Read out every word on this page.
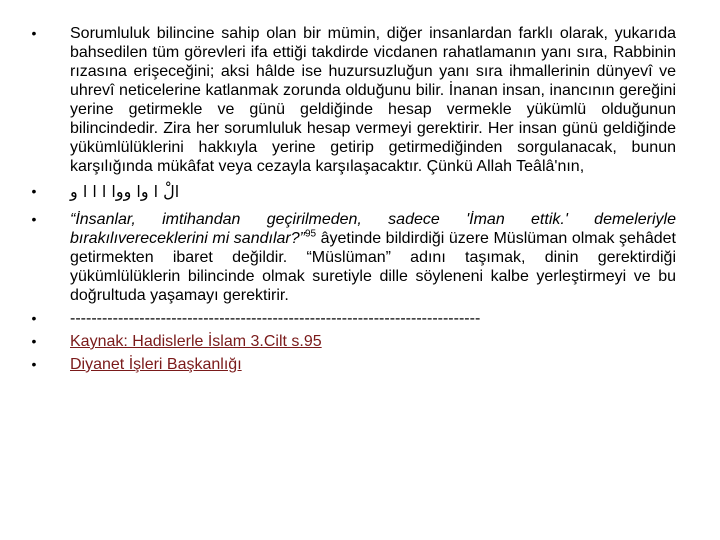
• Sorumluluk bilincine sahip olan bir mümin, diğer insanlardan farklı olarak, yukarıda bahsedilen tüm görevleri ifa ettiği takdirde vicdanen rahatlamanın yanı sıra, Rabbinin rızasına erişeceğini; aksi hâlde ise huzursuzluğun yanı sıra ihmallerinin dünyevî ve uhrevî neticelerine katlanmak zorunda olduğunu bilir. İnanan insan, inancının gereğini yerine getirmekle ve günü geldiğinde hesap vermekle yükümlü olduğunun bilincindedir. Zira her sorumluluk hesap vermeyi gerektirir. Her insan günü geldiğinde yükümlülüklerini hakkıyla yerine getirip getirmediğinden sorgulanacak, bunun karşılığında mükâfat veya cezayla karşılaşacaktır. Çünkü Allah Teâlâ'nın,
• الْ ا وا ووا ا ا ا و
• “İnsanlar, imtihandan geçirilmeden, sadece 'İman ettik.' demeleriyle bırakılıverecеklerini mi sandılar?”$^{95}$ âyetinde bildirdiği üzere Müslüman olmak şehâdet getirmekten ibaret değildir. “Müslüman” adını taşımak, dinin gerektirdiği yükümlülüklerin bilincinde olmak suretiyle dille söyleneni kalbe yerleştirmeyi ve bu doğrultuda yaşamayı gerektirir.
• -----------------------------------------------------------------------------
• Kaynak: Hadislerle İslam 3.Cilt s.95
• Diyanet İşleri Başkanlığı
